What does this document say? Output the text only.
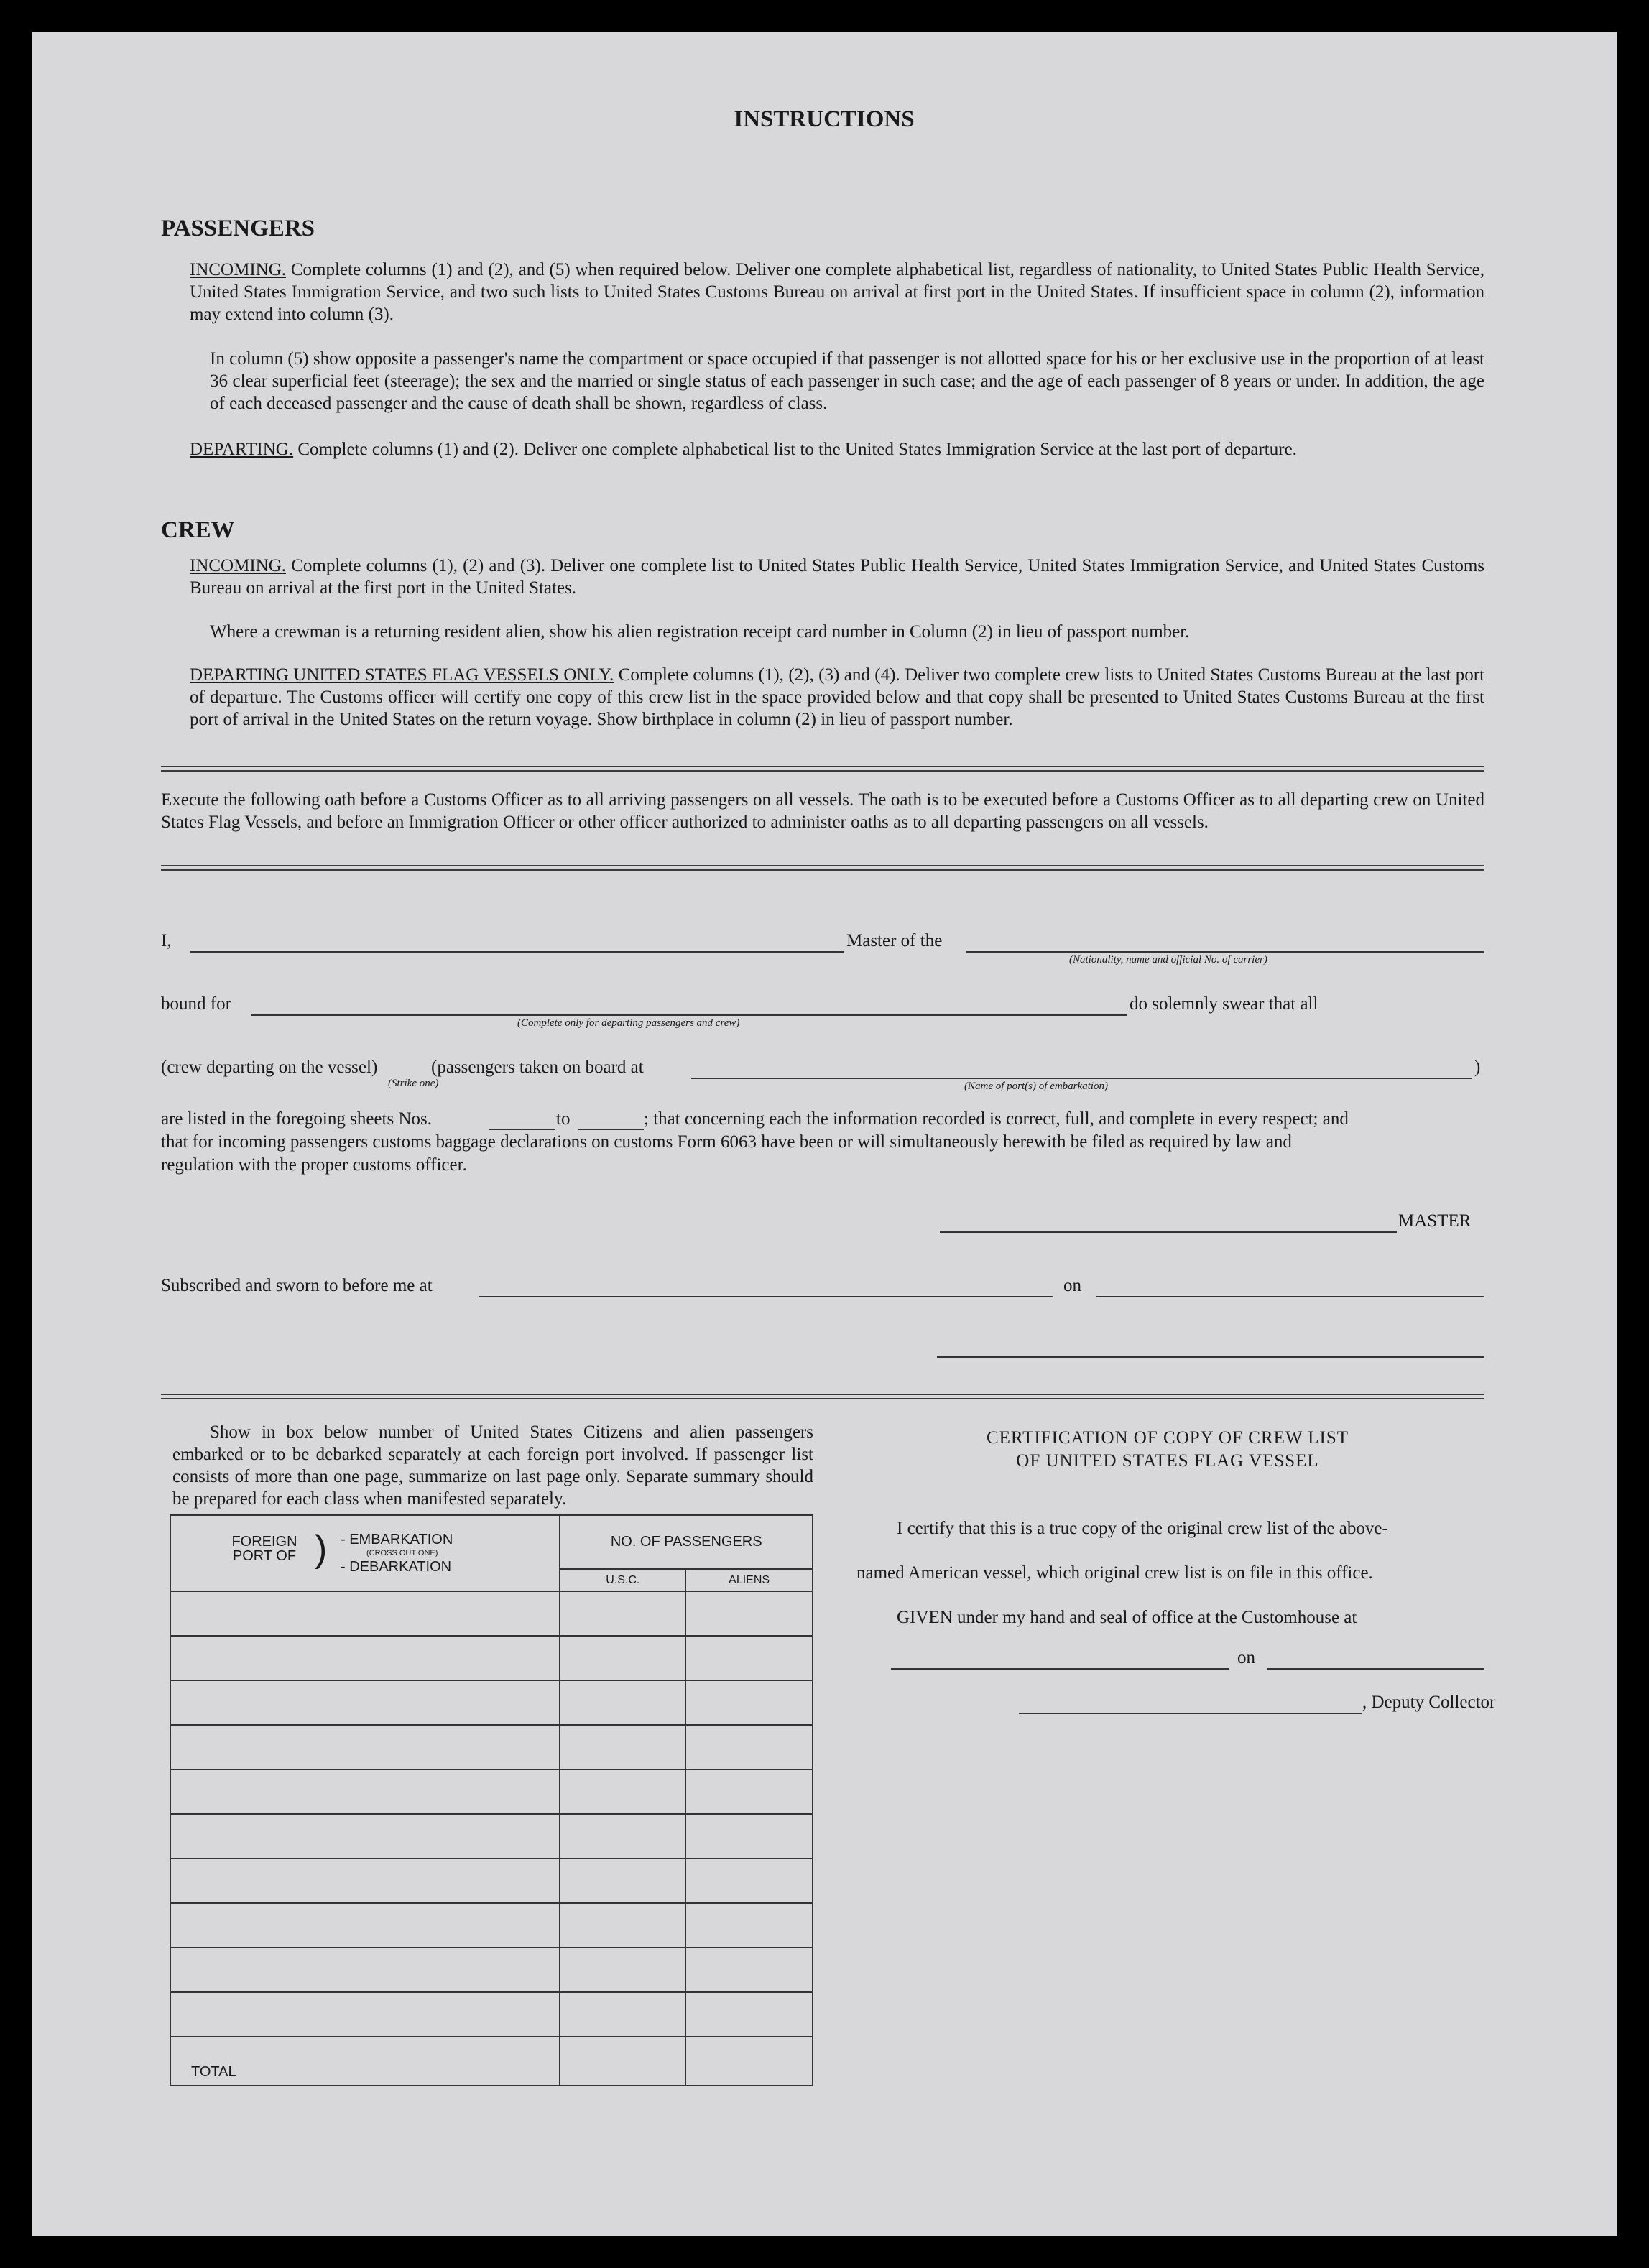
INSTRUCTIONS
PASSENGERS
INCOMING. Complete columns (1) and (2), and (5) when required below. Deliver one complete alphabetical list, regardless of nationality, to United States Public Health Service, United States Immigration Service, and two such lists to United States Customs Bureau on arrival at first port in the United States. If insufficient space in column (2), information may extend into column (3).
In column (5) show opposite a passenger's name the compartment or space occupied if that passenger is not allotted space for his or her exclusive use in the proportion of at least 36 clear superficial feet (steerage); the sex and the married or single status of each passenger in such case; and the age of each passenger of 8 years or under. In addition, the age of each deceased passenger and the cause of death shall be shown, regardless of class.
DEPARTING. Complete columns (1) and (2). Deliver one complete alphabetical list to the United States Immigration Service at the last port of departure.
CREW
INCOMING. Complete columns (1), (2) and (3). Deliver one complete list to United States Public Health Service, United States Immigration Service, and United States Customs Bureau on arrival at the first port in the United States.
Where a crewman is a returning resident alien, show his alien registration receipt card number in Column (2) in lieu of passport number.
DEPARTING UNITED STATES FLAG VESSELS ONLY. Complete columns (1), (2), (3) and (4). Deliver two complete crew lists to United States Customs Bureau at the last port of departure. The Customs officer will certify one copy of this crew list in the space provided below and that copy shall be presented to United States Customs Bureau at the first port of arrival in the United States on the return voyage. Show birthplace in column (2) in lieu of passport number.
Execute the following oath before a Customs Officer as to all arriving passengers on all vessels. The oath is to be executed before a Customs Officer as to all departing crew on United States Flag Vessels, and before an Immigration Officer or other officer authorized to administer oaths as to all departing passengers on all vessels.
I,	Master of the
(Nationality, name and official No. of carrier)
bound for
(Complete only for departing passengers and crew)
do solemnly swear that all
(crew departing on the vessel)
(Strike one)
(passengers taken on board at
(Name of port(s) of embarkation)
)
are listed in the foregoing sheets Nos.	to	; that concerning each the information recorded is correct, full, and complete in every respect; and
that for incoming passengers customs baggage declarations on customs Form 6063 have been or will simultaneously herewith be filed as required by law and
regulation with the proper customs officer.
MASTER
Subscribed and sworn to before me at	on
Show in box below number of United States Citizens and alien passengers embarked or to be debarked separately at each foreign port involved. If passenger list consists of more than one page, summarize on last page only. Separate summary should be prepared for each class when manifested separately.
FOREIGN PORT OF ) - EMBARKATION
(CROSS OUT ONE)
- DEBARKATION	NO. OF PASSENGERS	
	U.S.C.	ALIENS

TOTAL		
CERTIFICATION OF COPY OF CREW LIST
OF UNITED STATES FLAG VESSEL
I certify that this is a true copy of the original crew list of the above-
named American vessel, which original crew list is on file in this office.
GIVEN under my hand and seal of office at the Customhouse at
on
, Deputy Collector
